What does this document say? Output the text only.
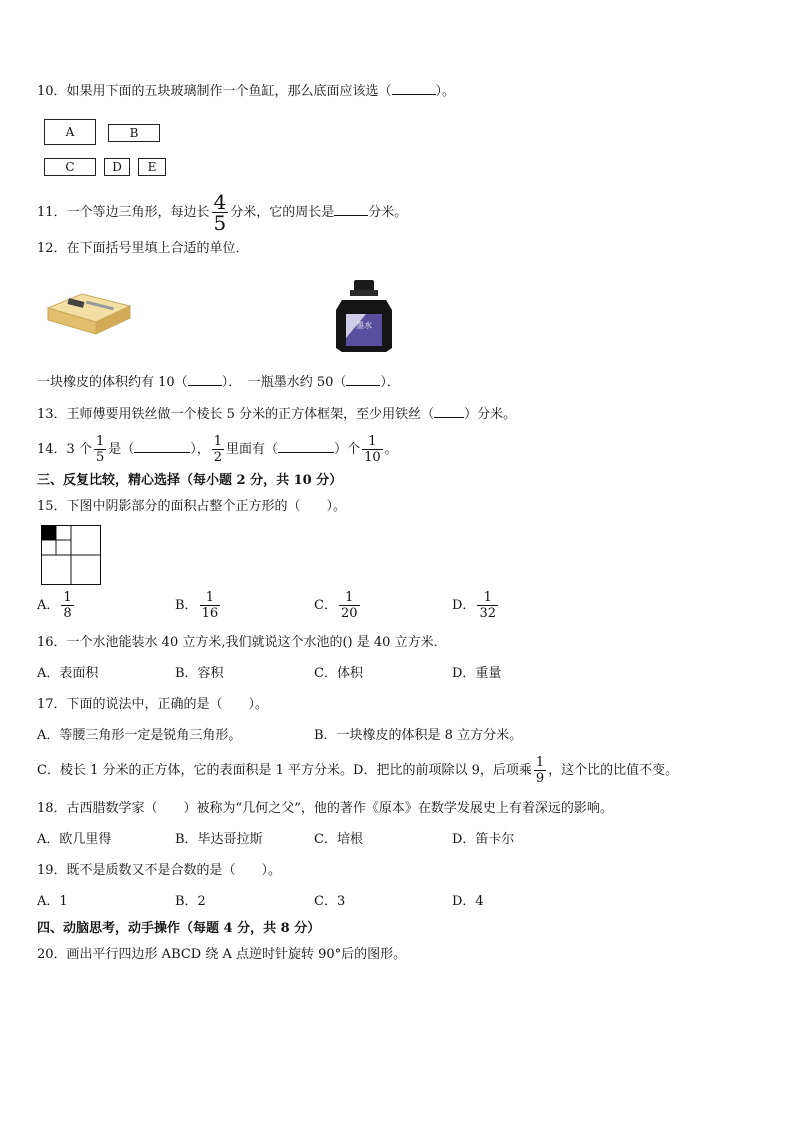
10．如果用下面的五块玻璃制作一个鱼缸，那么底面应该选（	）。
A	B
C	D E
11．一个等边三角形，每边长 $\frac{4}{5}$ 分米，它的周长是	分米。
12．在下面括号里填上合适的单位．
墨水
一块橡皮的体积约有 10（	）．　一瓶墨水约 50（	）．
13．王师傅要用铁丝做一个棱长 5 分米的正方体框架，至少用铁丝（ ）分米。
14．3 个 $\frac{1}{5}$ 是（	）， $\frac{1}{2}$ 里面有（	）个 $\frac{1}{10}$ 。
三、反复比较，精心选择（每小题 2 分，共 10 分）
15．下图中阴影部分的面积占整个正方形的（　　）。
A． $\frac{1}{8}$	B． $\frac{1}{16}$	C． $\frac{1}{20}$	D． $\frac{1}{32}$
16．一个水池能装水 40 立方米,我们就说这个水池的() 是 40 立方米．
A．表面积	B．容积	C．体积	D．重量
17．下面的说法中，正确的是（　　）。
A．等腰三角形一定是锐角三角形。	B．一块橡皮的体积是 8 立方分米。
C．棱长 1 分米的正方体，它的表面积是 1 平方分米。D．把比的前项除以 9，后项乘 $\frac{1}{9}$ ，这个比的比值不变。
18．古西腊数学家（　　）被称为“几何之父”，他的著作《原本》在数学发展史上有着深远的影响。
A．欧几里得	B．毕达哥拉斯	C．培根	D．笛卡尔
19．既不是质数又不是合数的是（　　）。
A．1	B．2	C．3	D．4
四、动脑思考，动手操作（每题 4 分，共 8 分）
20．画出平行四边形 ABCD 绕 A 点逆时针旋转 90°后的图形。
